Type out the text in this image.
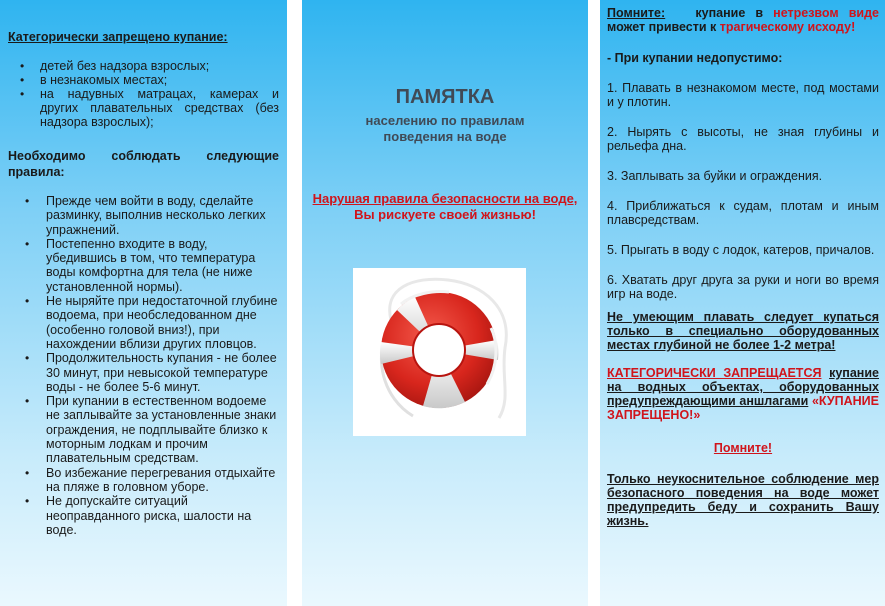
Категорически запрещено купание:

• детей без надзора взрослых;
• в незнакомых местах;
• на надувных матрацах, камерах и других плавательных средствах (без надзора взрослых);

Необходимо соблюдать следующие

правила:

• Прежде чем войти в воду, сделайте разминку, выполнив несколько легких упражнений.
• Постепенно входите в воду, убедившись в том, что температура воды комфортна для тела (не ниже установленной нормы).
• Не ныряйте при недостаточной глубине водоема, при необследованном дне (особенно головой вниз!), при нахождении вблизи других пловцов.
• Продолжительность купания - не более 30 минут, при невысокой температуре воды - не более 5-6 минут.
• При купании в естественном водоеме не заплывайте за установленные знаки ограждения, не подплывайте близко к моторным лодкам и прочим плавательным средствам.
• Во избежание перегревания отдыхайте на пляже в головном уборе.
• Не допускайте ситуаций неоправданного риска, шалости на воде.
ПАМЯТКА
населению по правилам
поведения на воде
Нарушая правила безопасности на воде,
Вы рискуете своей жизнью!

Помните: купание в нетрезвом виде может привести к трагическому исходу!

- При купании недопустимо:

1. Плавать в незнакомом месте, под мостами и у плотин.

2. Нырять с высоты, не зная глубины и рельефа дна.

3. Заплывать за буйки и ограждения.

4. Приближаться к судам, плотам и иным плавсредствам.

5. Прыгать в воду с лодок, катеров, причалов.

6. Хватать друг друга за руки и ноги во время игр на воде.

Не умеющим плавать следует купаться только в специально оборудованных местах глубиной не более 1-2 метра!

КАТЕГОРИЧЕСКИ ЗАПРЕЩАЕТСЯ купание на водных объектах, оборудованных предупреждающими аншлагами «КУПАНИЕ ЗАПРЕЩЕНО!»

Помните!

Только неукоснительное соблюдение мер безопасного поведения на воде может предупредить беду и сохранить Вашу жизнь.
